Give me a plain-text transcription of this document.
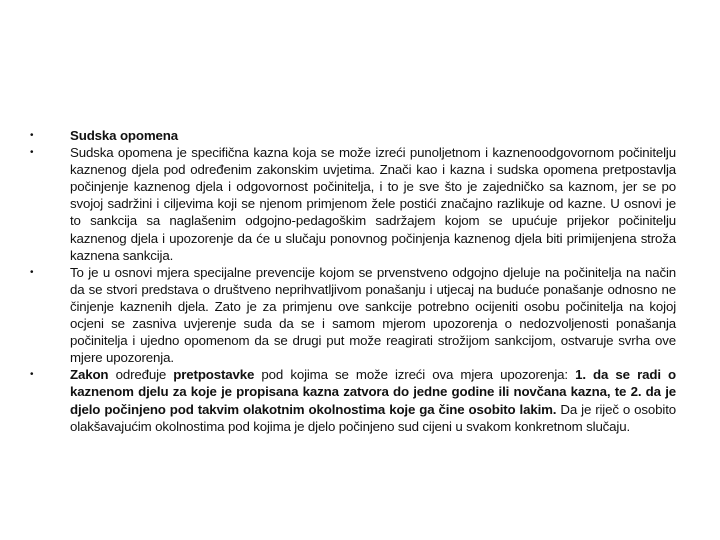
•	Sudska opomena
•	Sudska opomena je specifična kazna koja se može izreći punoljetnom i kaznenoodgovornom počinitelju kaznenog djela pod određenim zakonskim uvjetima. Znači kao i kazna i sudska opomena pretpostavlja počinjenje kaznenog djela i odgovornost počinitelja, i to je sve što je zajedničko sa kaznom, jer se po svojoj sadržini i ciljevima koji se njenom primjenom žele postići značajno razlikuje od kazne. U osnovi je to sankcija sa naglašenim odgojno-pedagoškim sadržajem kojom se upućuje prijekor počinitelju kaznenog djela i upozorenje da će u slučaju ponovnog počinjenja kaznenog djela biti primijenjena stroža kaznena sankcija.
•	To je u osnovi mjera specijalne prevencije kojom se prvenstveno odgojno djeluje na počinitelja na način da se stvori predstava o društveno neprihvatljivom ponašanju i utjecaj na buduće ponašanje odnosno ne činjenje kaznenih djela. Zato je za primjenu ove sankcije potrebno ocijeniti osobu počinitelja na kojoj ocjeni se zasniva uvjerenje suda da se i samom mjerom upozorenja o nedozvoljenosti ponašanja počinitelja i ujedno opomenom da se drugi put može reagirati strožijom sankcijom, ostvaruje svrha ove mjere upozorenja.
•	Zakon određuje pretpostavke pod kojima se može izreći ova mjera upozorenja: 1. da se radi o kaznenom djelu za koje je propisana kazna zatvora do jedne godine ili novčana kazna, te 2. da je djelo počinjeno pod takvim olakotnim okolnostima koje ga čine osobito lakim. Da je riječ o osobito olakšavajućim okolnostima pod kojima je djelo počinjeno sud cijeni u svakom konkretnom slučaju.
